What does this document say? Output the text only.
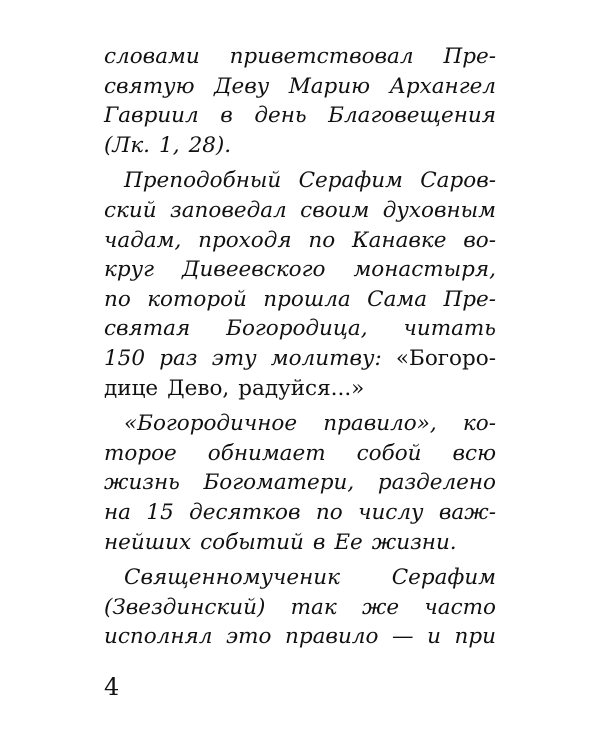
словами приветствовал Пре-
святую Деву Марию Архангел
Гавриил в день Благовещения
(Лк. 1, 28).
Преподобный Серафим Саров-
ский заповедал своим духовным
чадам, проходя по Канавке во-
круг Дивеевского монастыря,
по которой прошла Сама Пре-
святая Богородица, читать
150 раз эту молитву: «Богоро-
дице Дево, радуйся...»
«Богородичное правило», ко-
торое обнимает собой всю
жизнь Богоматери, разделено
на 15 десятков по числу важ-
нейших событий в Ее жизни.
Священномученик Серафим
(Звездинский) так же часто
исполнял это правило — и при
4
